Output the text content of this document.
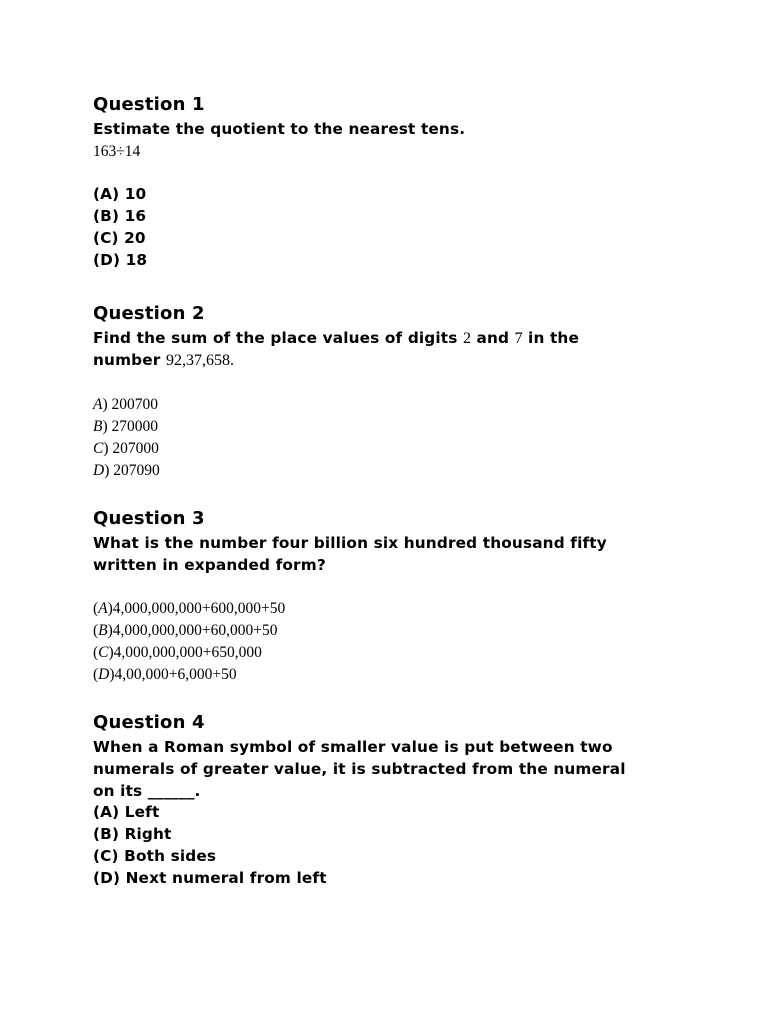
Question 1
Estimate the quotient to the nearest tens.
163÷14
(A) 10
(B) 16
(C) 20
(D) 18
Question 2
Find the sum of the place values of digits 2 and 7 in the
number 92,37,658.
A) 200700
B) 270000
C) 207000
D) 207090
Question 3
What is the number four billion six hundred thousand fifty
written in expanded form?
(A)4,000,000,000+600,000+50
(B)4,000,000,000+60,000+50
(C)4,000,000,000+650,000
(D)4,00,000+6,000+50
Question 4
When a Roman symbol of smaller value is put between two
numerals of greater value, it is subtracted from the numeral
on its ______.
(A) Left
(B) Right
(C) Both sides
(D) Next numeral from left
